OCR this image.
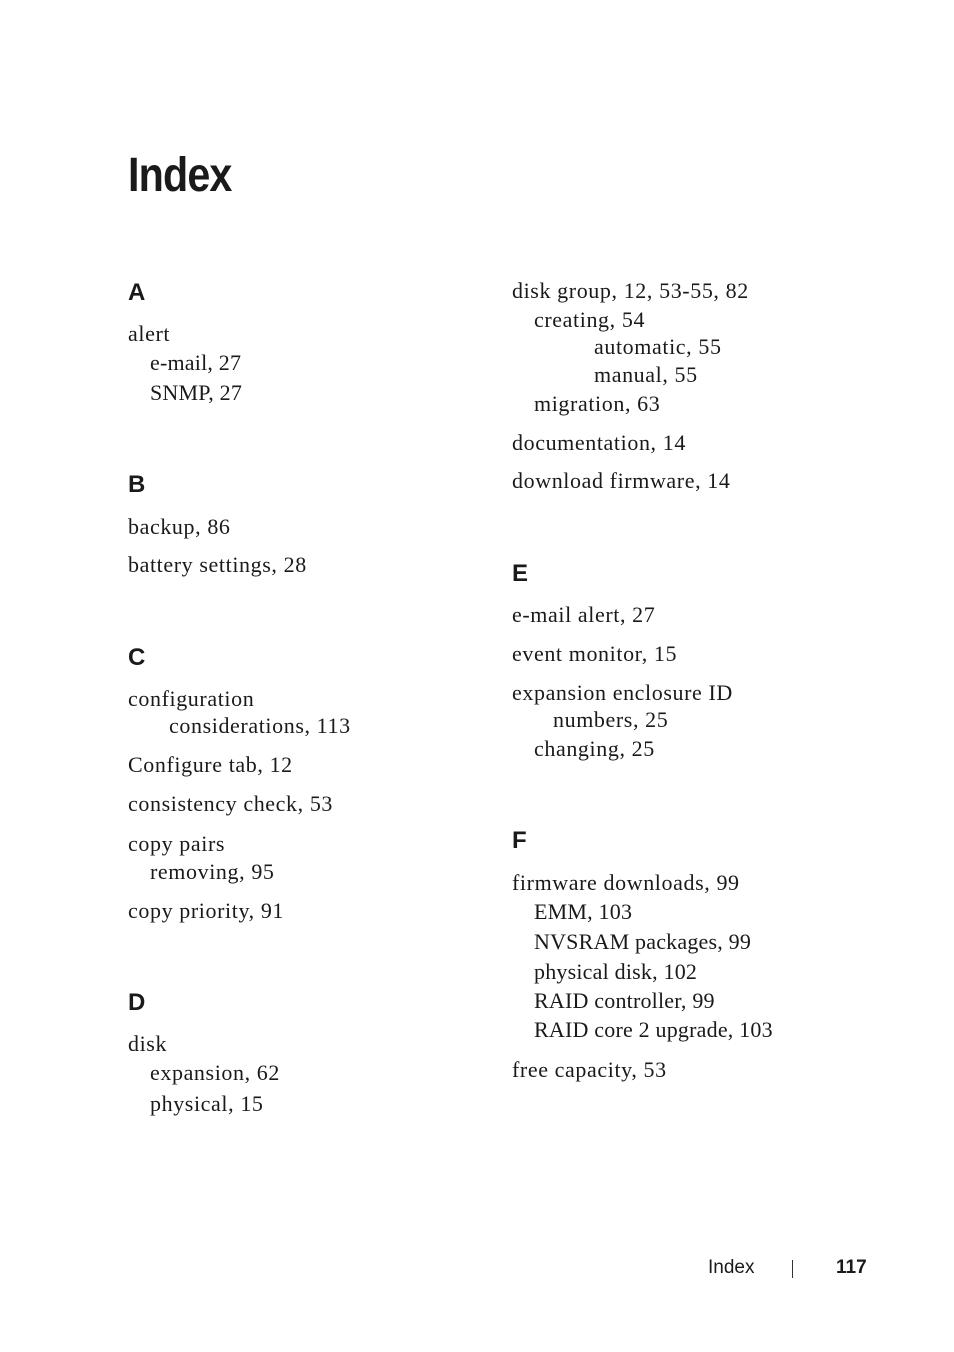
Index
A
alert
e-mail, 27
SNMP, 27
B
backup, 86
battery settings, 28
C
configuration
considerations, 113
Configure tab, 12
consistency check, 53
copy pairs
removing, 95
copy priority, 91
D
disk
expansion, 62
physical, 15
disk group, 12, 53-55, 82
creating, 54
automatic, 55
manual, 55
migration, 63
documentation, 14
download firmware, 14
E
e-mail alert, 27
event monitor, 15
expansion enclosure ID
numbers, 25
changing, 25
F
firmware downloads, 99
EMM, 103
NVSRAM packages, 99
physical disk, 102
RAID controller, 99
RAID core 2 upgrade, 103
free capacity, 53
Index	117
